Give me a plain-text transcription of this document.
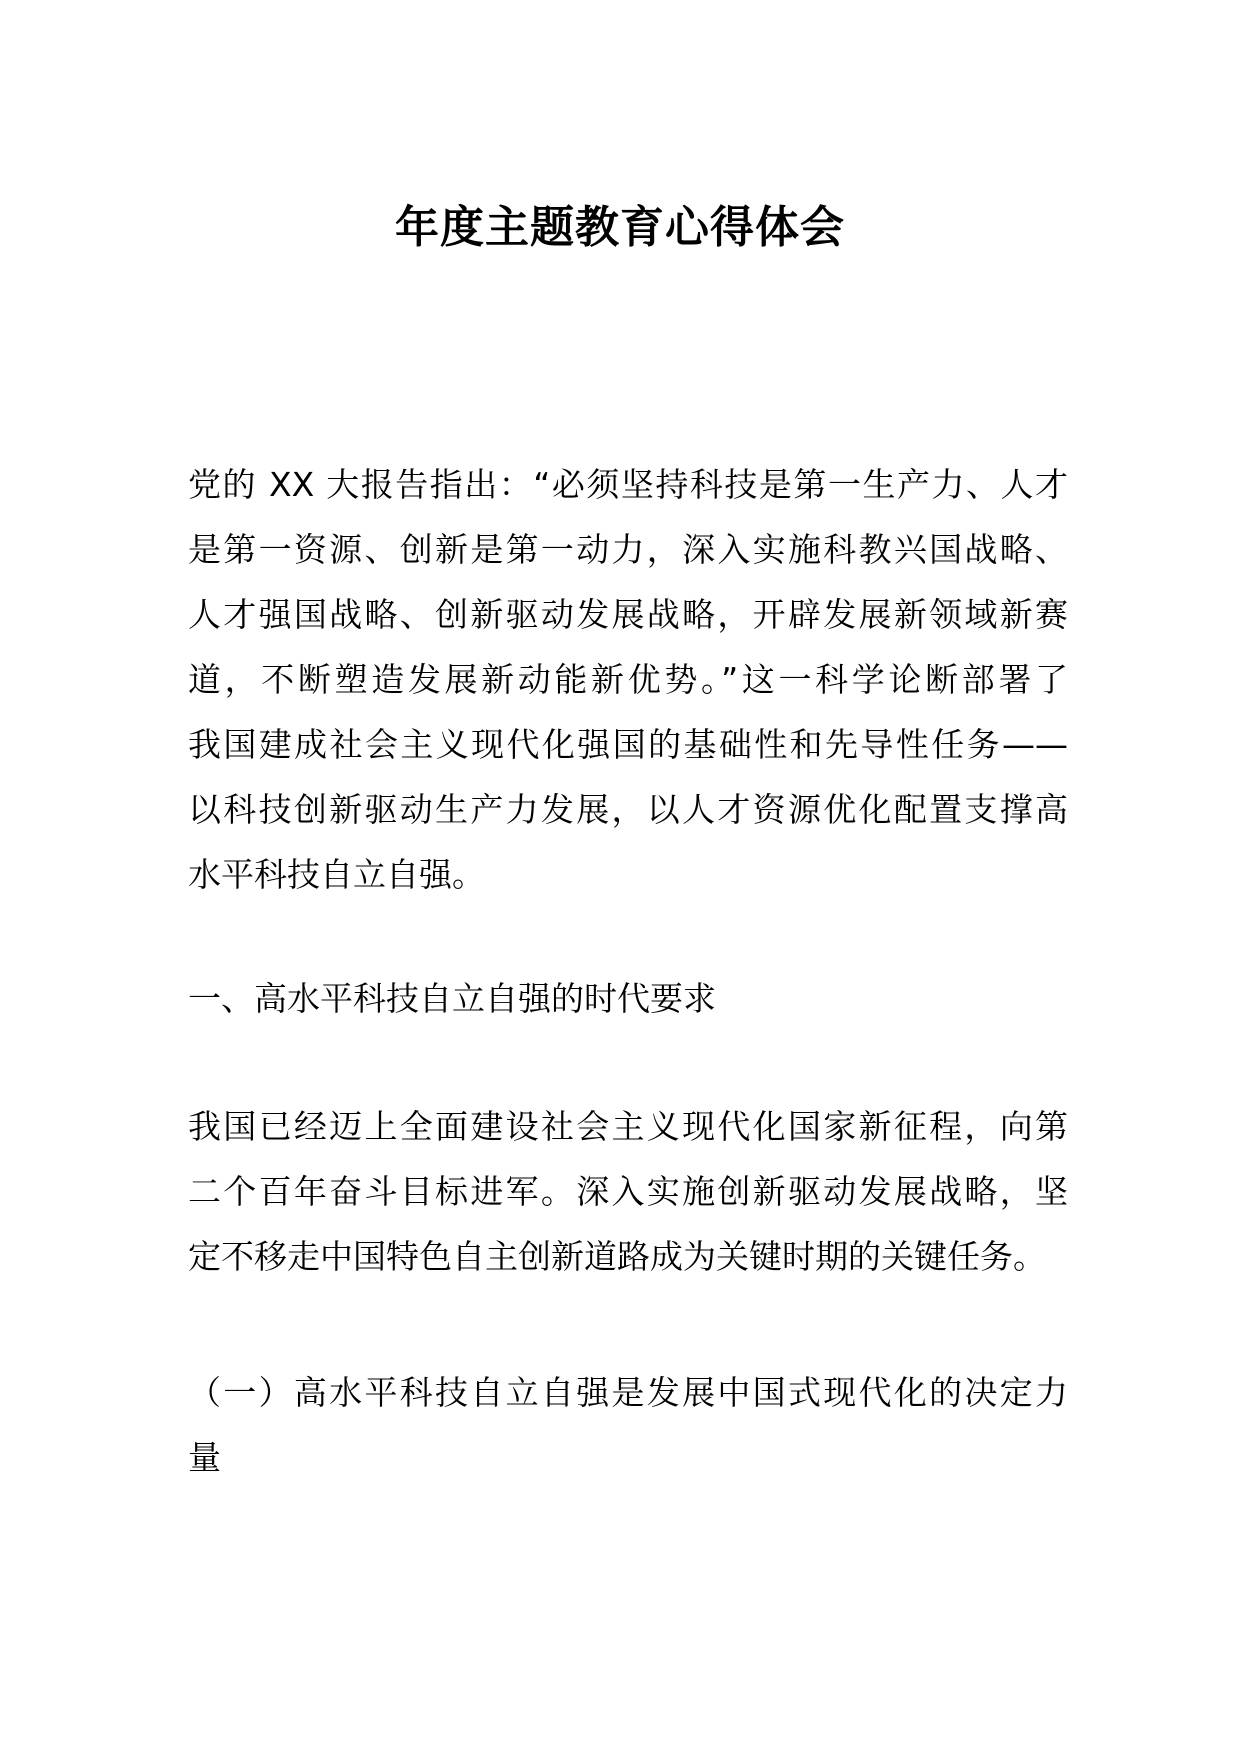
年度主题教育心得体会
党的 XX 大报告指出：“必须坚持科技是第一生产力、人才
是第一资源、创新是第一动力，深入实施科教兴国战略、
人才强国战略、创新驱动发展战略，开辟发展新领域新赛
道，不断塑造发展新动能新优势。”这一科学论断部署了
我国建成社会主义现代化强国的基础性和先导性任务——
以科技创新驱动生产力发展，以人才资源优化配置支撑高
水平科技自立自强。
一、高水平科技自立自强的时代要求
我国已经迈上全面建设社会主义现代化国家新征程，向第
二个百年奋斗目标进军。深入实施创新驱动发展战略，坚
定不移走中国特色自主创新道路成为关键时期的关键任务。
（一）高水平科技自立自强是发展中国式现代化的决定力
量
